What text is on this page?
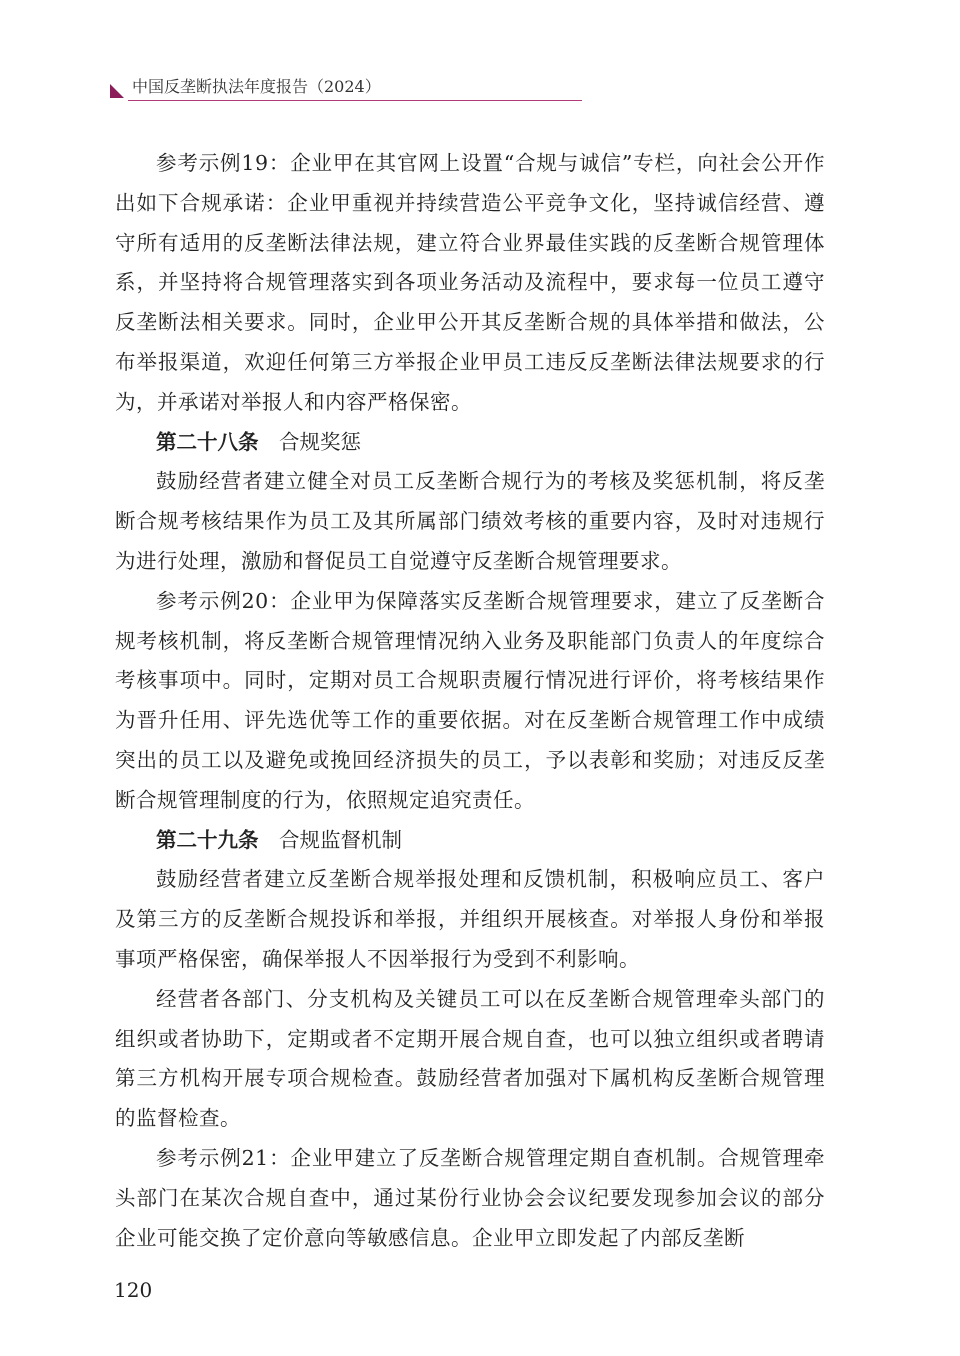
中国反垄断执法年度报告（2024）

参考示例19：企业甲在其官网上设置“合规与诚信”专栏，向社会公开作出如下合规承诺：企业甲重视并持续营造公平竞争文化，坚持诚信经营、遵守所有适用的反垄断法律法规，建立符合业界最佳实践的反垄断合规管理体系，并坚持将合规管理落实到各项业务活动及流程中，要求每一位员工遵守反垄断法相关要求。同时，企业甲公开其反垄断合规的具体举措和做法，公布举报渠道，欢迎任何第三方举报企业甲员工违反反垄断法律法规要求的行为，并承诺对举报人和内容严格保密。

第二十八条 合规奖惩

鼓励经营者建立健全对员工反垄断合规行为的考核及奖惩机制，将反垄断合规考核结果作为员工及其所属部门绩效考核的重要内容，及时对违规行为进行处理，激励和督促员工自觉遵守反垄断合规管理要求。

参考示例20：企业甲为保障落实反垄断合规管理要求，建立了反垄断合规考核机制，将反垄断合规管理情况纳入业务及职能部门负责人的年度综合考核事项中。同时，定期对员工合规职责履行情况进行评价，将考核结果作为晋升任用、评先选优等工作的重要依据。对在反垄断合规管理工作中成绩突出的员工以及避免或挽回经济损失的员工，予以表彰和奖励；对违反反垄断合规管理制度的行为，依照规定追究责任。

第二十九条 合规监督机制

鼓励经营者建立反垄断合规举报处理和反馈机制，积极响应员工、客户及第三方的反垄断合规投诉和举报，并组织开展核查。对举报人身份和举报事项严格保密，确保举报人不因举报行为受到不利影响。

经营者各部门、分支机构及关键员工可以在反垄断合规管理牵头部门的组织或者协助下，定期或者不定期开展合规自查，也可以独立组织或者聘请第三方机构开展专项合规检查。鼓励经营者加强对下属机构反垄断合规管理的监督检查。

参考示例21：企业甲建立了反垄断合规管理定期自查机制。合规管理牵头部门在某次合规自查中，通过某份行业协会会议纪要发现参加会议的部分企业可能交换了定价意向等敏感信息。企业甲立即发起了内部反垄断

120
